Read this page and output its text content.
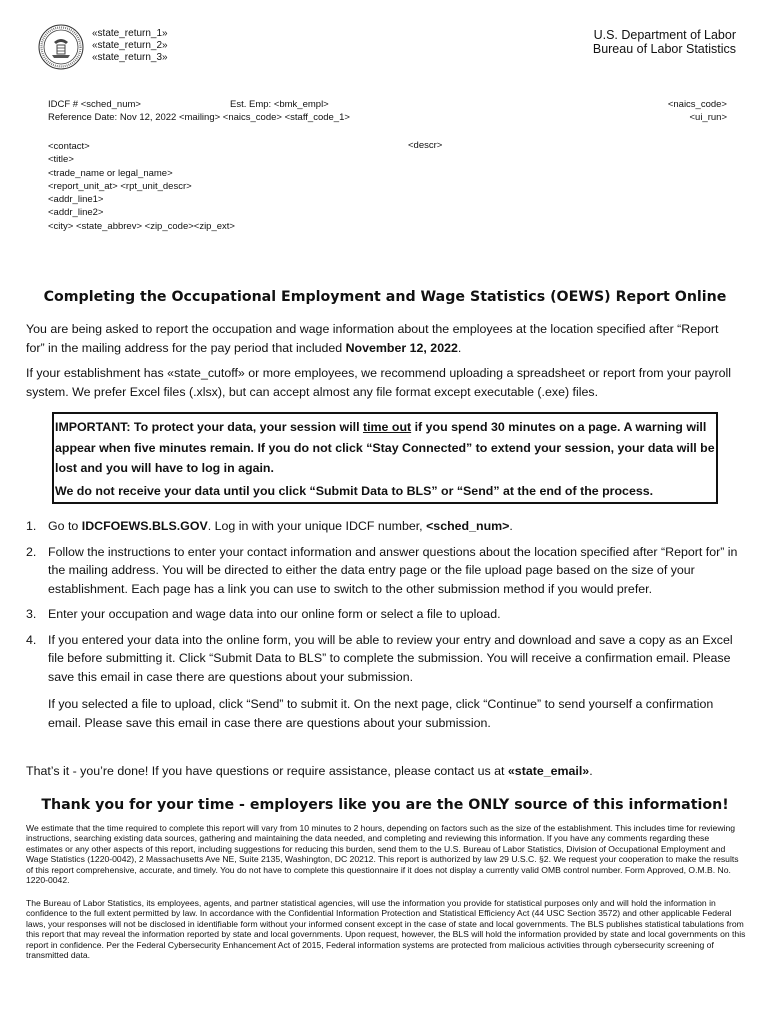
«state_return_1»
«state_return_2»
«state_return_3»
U.S. Department of Labor
Bureau of Labor Statistics
IDCF # <sched_num>	Est. Emp: <bmk_empl>	<naics_code>
<ui_run>
Reference Date: Nov 12, 2022 <mailing> <naics_code> <staff_code_1>
<contact>
<title>
<trade_name or legal_name>
<report_unit_at> <rpt_unit_descr>
<addr_line1>
<addr_line2>
<city> <state_abbrev> <zip_code><zip_ext>
<descr>
Completing the Occupational Employment and Wage Statistics (OEWS) Report Online
You are being asked to report the occupation and wage information about the employees at the location specified after “Report for” in the mailing address for the pay period that included November 12, 2022.
If your establishment has «state_cutoff» or more employees, we recommend uploading a spreadsheet or report from your payroll system. We prefer Excel files (.xlsx), but can accept almost any file format except executable (.exe) files.
IMPORTANT: To protect your data, your session will time out if you spend 30 minutes on a page. A warning will appear when five minutes remain. If you do not click “Stay Connected” to extend your session, your data will be lost and you will have to log in again.
We do not receive your data until you click “Submit Data to BLS” or “Send” at the end of the process.
1. Go to IDCFOEWS.BLS.GOV. Log in with your unique IDCF number, <sched_num>.
2. Follow the instructions to enter your contact information and answer questions about the location specified after “Report for” in the mailing address. You will be directed to either the data entry page or the file upload page based on the size of your establishment. Each page has a link you can use to switch to the other submission method if you would prefer.
3. Enter your occupation and wage data into our online form or select a file to upload.
4. If you entered your data into the online form, you will be able to review your entry and download and save a copy as an Excel file before submitting it. Click “Submit Data to BLS” to complete the submission. You will receive a confirmation email. Please save this email in case there are questions about your submission.
If you selected a file to upload, click “Send” to submit it. On the next page, click “Continue” to send yourself a confirmation email. Please save this email in case there are questions about your submission.
That’s it - you’re done! If you have questions or require assistance, please contact us at «state_email».
Thank you for your time - employers like you are the ONLY source of this information!
We estimate that the time required to complete this report will vary from 10 minutes to 2 hours, depending on factors such as the size of the establishment. This includes time for reviewing instructions, searching existing data sources, gathering and maintaining the data needed, and completing and reviewing this information. If you have any comments regarding these estimates or any other aspects of this report, including suggestions for reducing this burden, send them to the U.S. Bureau of Labor Statistics, Division of Occupational Employment and Wage Statistics (1220-0042), 2 Massachusetts Ave NE, Suite 2135, Washington, DC 20212. This report is authorized by law 29 U.S.C. §2. We request your cooperation to make the results of this report comprehensive, accurate, and timely. You do not have to complete this questionnaire if it does not display a currently valid OMB control number. Form Approved, O.M.B. No. 1220-0042.
The Bureau of Labor Statistics, its employees, agents, and partner statistical agencies, will use the information you provide for statistical purposes only and will hold the information in confidence to the full extent permitted by law. In accordance with the Confidential Information Protection and Statistical Efficiency Act (44 USC Section 3572) and other applicable Federal laws, your responses will not be disclosed in identifiable form without your informed consent except in the case of state and local governments. The BLS publishes statistical tabulations from this report that may reveal the information reported by state and local governments. Upon request, however, the BLS will hold the information provided by state and local governments on this report in confidence. Per the Federal Cybersecurity Enhancement Act of 2015, Federal information systems are protected from malicious activities through cybersecurity screening of transmitted data.
